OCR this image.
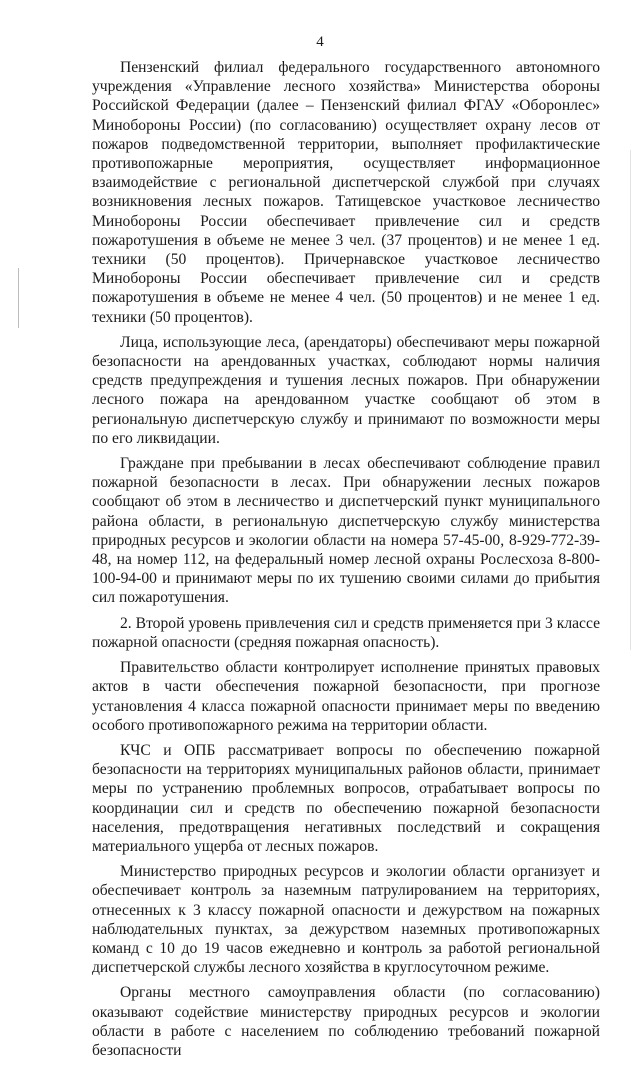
4

Пензенский филиал федерального государственного автономного учреждения «Управление лесного хозяйства» Министерства обороны Российской Федерации (далее – Пензенский филиал ФГАУ «Оборонлес» Минобороны России) (по согласованию) осуществляет охрану лесов от пожаров подведомственной территории, выполняет профилактические противопожарные мероприятия, осуществляет информационное взаимодействие с региональной диспетчерской службой при случаях возникновения лесных пожаров. Татищевское участковое лесничество Минобороны России обеспечивает привлечение сил и средств пожаротушения в объеме не менее 3 чел. (37 процентов) и не менее 1 ед. техники (50 процентов). Причернавское участковое лесничество Минобороны России обеспечивает привлечение сил и средств пожаротушения в объеме не менее 4 чел. (50 процентов) и не менее 1 ед. техники (50 процентов).

Лица, использующие леса, (арендаторы) обеспечивают меры пожарной безопасности на арендованных участках, соблюдают нормы наличия средств предупреждения и тушения лесных пожаров. При обнаружении лесного пожара на арендованном участке сообщают об этом в региональную диспетчерскую службу и принимают по возможности меры по его ликвидации.

Граждане при пребывании в лесах обеспечивают соблюдение правил пожарной безопасности в лесах. При обнаружении лесных пожаров сообщают об этом в лесничество и диспетчерский пункт муниципального района области, в региональную диспетчерскую службу министерства природных ресурсов и экологии области на номера 57-45-00, 8-929-772-39-48, на номер 112, на федеральный номер лесной охраны Рослесхоза 8-800-100-94-00 и принимают меры по их тушению своими силами до прибытия сил пожаротушения.

2. Второй уровень привлечения сил и средств применяется при 3 классе пожарной опасности (средняя пожарная опасность).

Правительство области контролирует исполнение принятых правовых актов в части обеспечения пожарной безопасности, при прогнозе установления 4 класса пожарной опасности принимает меры по введению особого противопожарного режима на территории области.

КЧС и ОПБ рассматривает вопросы по обеспечению пожарной безопасности на территориях муниципальных районов области, принимает меры по устранению проблемных вопросов, отрабатывает вопросы по координации сил и средств по обеспечению пожарной безопасности населения, предотвращения негативных последствий и сокращения материального ущерба от лесных пожаров.

Министерство природных ресурсов и экологии области организует и обеспечивает контроль за наземным патрулированием на территориях, отнесенных к 3 классу пожарной опасности и дежурством на пожарных наблюдательных пунктах, за дежурством наземных противопожарных команд с 10 до 19 часов ежедневно и контроль за работой региональной диспетчерской службы лесного хозяйства в круглосуточном режиме.

Органы местного самоуправления области (по согласованию) оказывают содействие министерству природных ресурсов и экологии области в работе с населением по соблюдению требований пожарной безопасности
